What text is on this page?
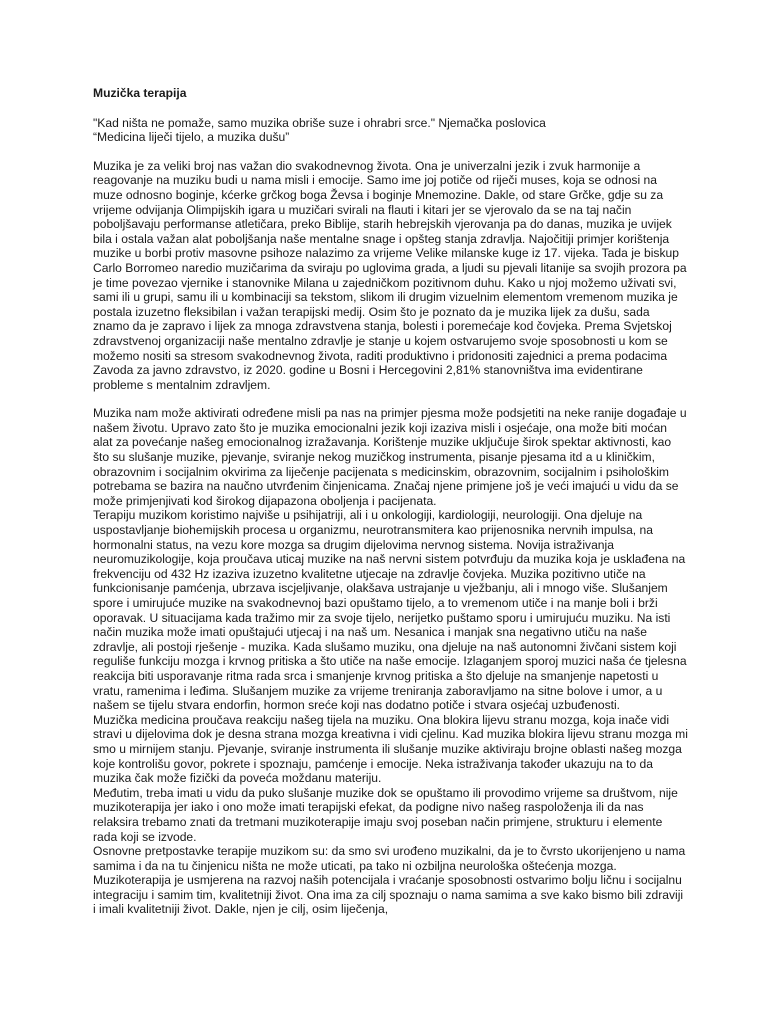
Muzička terapija
"Kad ništa ne pomaže, samo muzika obriše suze i ohrabri srce." Njemačka poslovica
“Medicina liječi tijelo, a muzika dušu”

Muzika je za veliki broj nas važan dio svakodnevnog života. Ona je univerzalni jezik i zvuk harmonije a reagovanje na muziku budi u nama misli i emocije. Samo ime joj potiče od riječi muses, koja se odnosi na muze odnosno boginje, kćerke grčkog boga Ževsa i boginje Mnemozine. Dakle, od stare Grčke, gdje su za vrijeme odvijanja Olimpijskih igara u muzičari svirali na flauti i kitari jer se vjerovalo da se na taj način poboljšavaju performanse atletičara, preko Biblije, starih hebrejskih vjerovanja pa do danas, muzika je uvijek bila i ostala važan alat poboljšanja naše mentalne snage i opšteg stanja zdravlja. Najočitiji primjer korištenja muzike u borbi protiv masovne psihoze nalazimo za vrijeme Velike milanske kuge iz 17. vijeka. Tada je biskup Carlo Borromeo naredio muzičarima da sviraju po uglovima grada, a ljudi su pjevali litanije sa svojih prozora pa je time povezao vjernike i stanovnike Milana u zajedničkom pozitivnom duhu. Kako u njoj možemo uživati svi, sami ili u grupi, samu ili u kombinaciji sa tekstom, slikom ili drugim vizuelnim elementom vremenom muzika je postala izuzetno fleksibilan i važan terapijski medij. Osim što je poznato da je muzika lijek za dušu, sada znamo da je zapravo i lijek za mnoga zdravstvena stanja, bolesti i poremećaje kod čovjeka. Prema Svjetskoj zdravstvenoj organizaciji naše mentalno zdravlje je stanje u kojem ostvarujemo svoje sposobnosti u kom se možemo nositi sa stresom svakodnevnog života, raditi produktivno i pridonositi zajednici a prema podacima Zavoda za javno zdravstvo, iz 2020. godine u Bosni i Hercegovini 2,81% stanovništva ima evidentirane probleme s mentalnim zdravljem.

Muzika nam može aktivirati određene misli pa nas na primjer pjesma može podsjetiti na neke ranije događaje u našem životu. Upravo zato što je muzika emocionalni jezik koji izaziva misli i osjećaje, ona može biti moćan alat za povećanje našeg emocionalnog izražavanja. Korištenje muzike uključuje širok spektar aktivnosti, kao što su slušanje muzike, pjevanje, sviranje nekog muzičkog instrumenta, pisanje pjesama itd a u kliničkim, obrazovnim i socijalnim okvirima za liječenje pacijenata s medicinskim, obrazovnim, socijalnim i psihološkim potrebama se bazira na naučno utvrđenim činjenicama. Značaj njene primjene još je veći imajući u vidu da se može primjenjivati kod širokog dijapazona oboljenja i pacijenata.

Terapiju muzikom koristimo najviše u psihijatriji, ali i u onkologiji, kardiologiji, neurologiji. Ona djeluje na uspostavljanje biohemijskih procesa u organizmu, neurotransmitera kao prijenosnika nervnih impulsa, na hormonalni status, na vezu kore mozga sa drugim dijelovima nervnog sistema. Novija istraživanja neuromuzikologije, koja proučava uticaj muzike na naš nervni sistem potvrđuju da muzika koja je usklađena na frekvenciju od 432 Hz izaziva izuzetno kvalitetne utjecaje na zdravlje čovjeka. Muzika pozitivno utiče na funkcionisanje pamćenja, ubrzava iscjeljivanje, olakšava ustrajanje u vježbanju, ali i mnogo više. Slušanjem spore i umirujuće muzike na svakodnevnoj bazi opuštamo tijelo, a to vremenom utiče i na manje boli i brži oporavak. U situacijama kada tražimo mir za svoje tijelo, nerijetko puštamo sporu i umirujuću muziku. Na isti način muzika može imati opuštajući utjecaj i na naš um. Nesanica i manjak sna negativno utiču na naše zdravlje, ali postoji rješenje - muzika. Kada slušamo muziku, ona djeluje na naš autonomni živčani sistem koji reguliše funkciju mozga i krvnog pritiska a što utiče na naše emocije. Izlaganjem sporoj muzici naša će tjelesna reakcija biti usporavanje ritma rada srca i smanjenje krvnog pritiska a što djeluje na smanjenje napetosti u vratu, ramenima i leđima. Slušanjem muzike za vrijeme treniranja zaboravljamo na sitne bolove i umor, a u našem se tijelu stvara endorfin, hormon sreće koji nas dodatno potiče i stvara osjećaj uzbuđenosti.

Muzička medicina proučava reakciju našeg tijela na muziku. Ona blokira lijevu stranu mozga, koja inače vidi stravi u dijelovima dok je desna strana mozga kreativna i vidi cjelinu. Kad muzika blokira lijevu stranu mozga mi smo u mirnijem stanju. Pjevanje, sviranje instrumenta ili slušanje muzike aktiviraju brojne oblasti našeg mozga koje kontrolišu govor, pokrete i spoznaju, pamćenje i emocije. Neka istraživanja također ukazuju na to da muzika čak može fizički da poveća moždanu materiju.

Međutim, treba imati u vidu da puko slušanje muzike dok se opuštamo ili provodimo vrijeme sa društvom, nije muzikoterapija jer iako i ono može imati terapijski efekat, da podigne nivo našeg raspoloženja ili da nas relaksira trebamo znati da tretmani muzikoterapije imaju svoj poseban način primjene, strukturu i elemente rada koji se izvode.

Osnovne pretpostavke terapije muzikom su: da smo svi urođeno muzikalni, da je to čvrsto ukorijenjeno u nama samima i da na tu činjenicu ništa ne može uticati, pa tako ni ozbiljna neurološka oštećenja mozga. Muzikoterapija je usmjerena na razvoj naših potencijala i vraćanje sposobnosti ostvarimo bolju ličnu i socijalnu integraciju i samim tim, kvalitetniji život. Ona ima za cilj spoznaju o nama samima a sve kako bismo bili zdraviji i imali kvalitetniji život. Dakle, njen je cilj, osim liječenja,
